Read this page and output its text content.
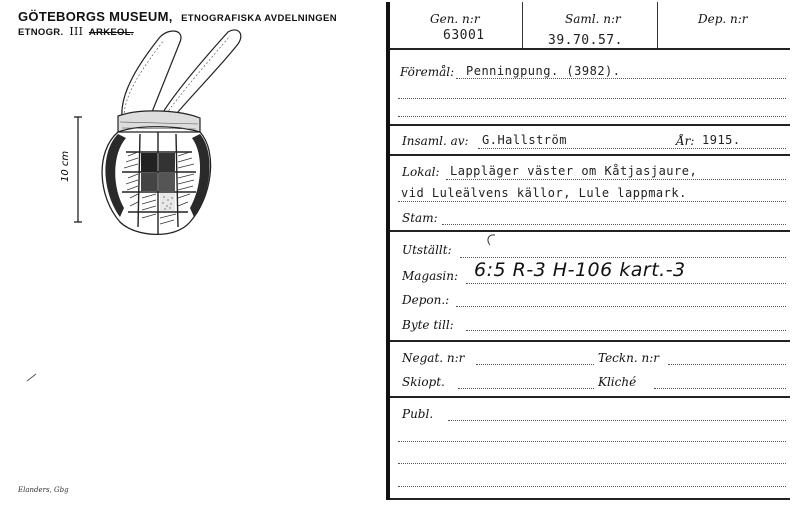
GÖTEBORGS MUSEUM, ETNOGRAFISKA AVDELNINGEN
ETNOGR. III ARKEOL.
10 cm
Elanders, Gbg
Gen. n:r
63001
Saml. n:r
39.70.57.
Dep. n:r
Föremål: Penningpung. (3982).
Insaml. av: G.Hallström	År: 1915.
Lokal: Lappläger väster om Kåtjasjaure,
vid Luleälvens källor, Lule lappmark.
Stam:
Utställt:
Magasin: 6:5 R-3 H-106 kart.-3
Depon.:
Byte till:
Negat. n:r	Teckn. n:r
Skiopt.	Kliché
Publ.
